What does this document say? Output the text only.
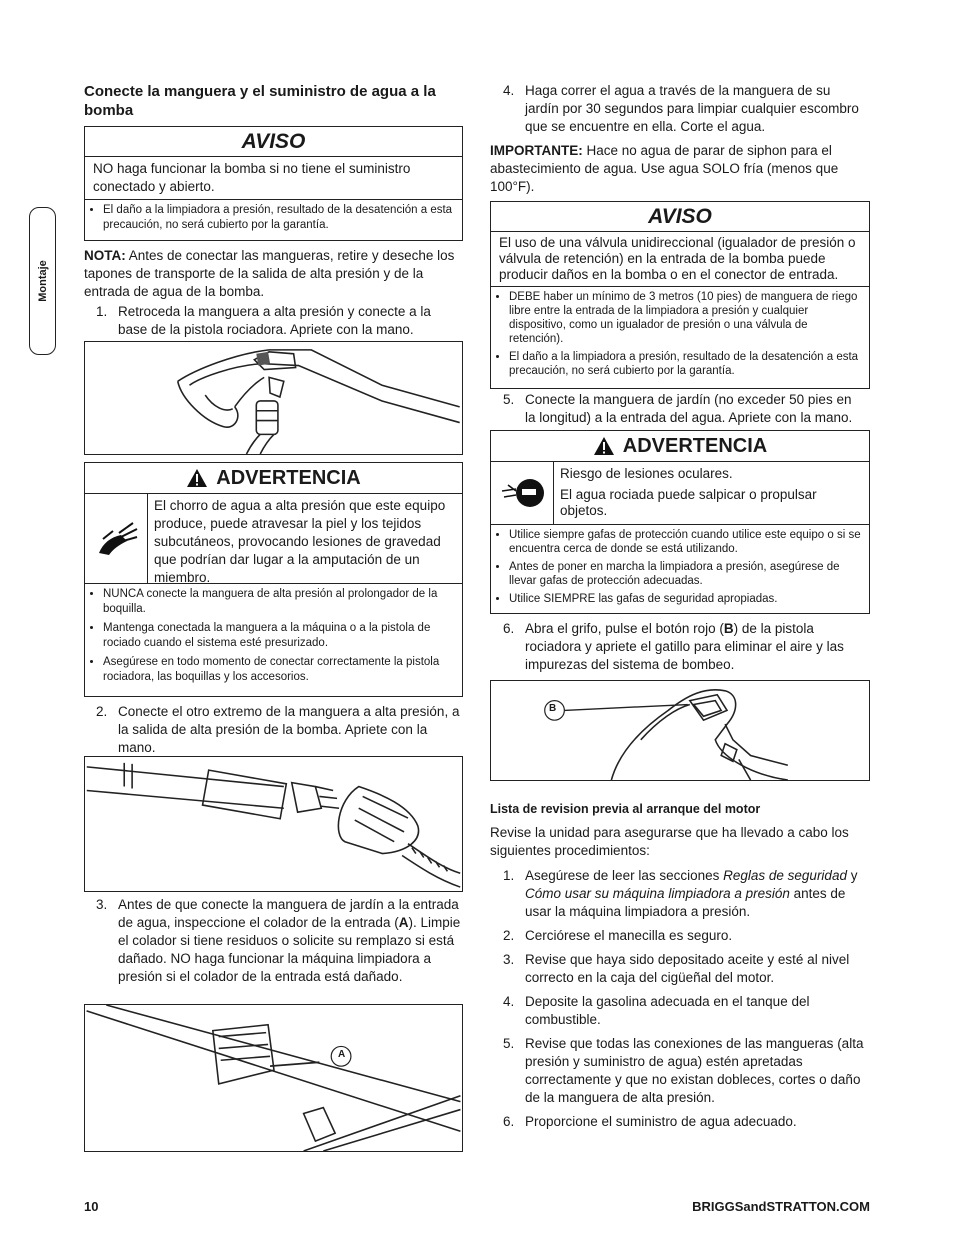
Montaje
Conecte la manguera y el suministro de agua a la bomba
AVISO
NO haga funcionar la bomba si no tiene el suministro conectado y abierto.
• El daño a la limpiadora a presión, resultado de la desatención a esta precaución, no será cubierto por la garantía.

NOTA: Antes de conectar las mangueras, retire y deseche los tapones de transporte de la salida de alta presión y de la entrada de agua de la bomba.

1. Retroceda la manguera a alta presión y conecte a la base de la pistola rociadora. Apriete con la mano.
ADVERTENCIA
El chorro de agua a alta presión que este equipo produce, puede atravesar la piel y los tejidos subcutáneos, provocando lesiones de gravedad que podrían dar lugar a la amputación de un miembro.
• NUNCA conecte la manguera de alta presión al prolongador de la boquilla.
• Mantenga conectada la manguera a la máquina o a la pistola de rociado cuando el sistema esté presurizado.
• Asegúrese en todo momento de conectar correctamente la pistola rociadora, las boquillas y los accesorios.
2. Conecte el otro extremo de la manguera a alta presión, a la salida de alta presión de la bomba. Apriete con la mano.
3. Antes de que conecte la manguera de jardín a la entrada de agua, inspeccione el colador de la entrada (A). Limpie el colador si tiene residuos o solicite su remplazo si está dañado. NO haga funcionar la máquina limpiadora a presión si el colador de la entrada está dañado.
A
4. Haga correr el agua a través de la manguera de su jardín por 30 segundos para limpiar cualquier escombro que se encuentre en ella. Corte el agua.

IMPORTANTE: Hace no agua de parar de siphon para el abastecimiento de agua. Use agua SOLO fría (menos que 100°F).

AVISO
El uso de una válvula unidireccional (igualador de presión o válvula de retención) en la entrada de la bomba puede producir daños en la bomba o en el conector de entrada.
• DEBE haber un mínimo de 3 metros (10 pies) de manguera de riego libre entre la entrada de la limpiadora a presión y cualquier dispositivo, como un igualador de presión o una válvula de retención).
• El daño a la limpiadora a presión, resultado de la desatención a esta precaución, no será cubierto por la garantía.
5. Conecte la manguera de jardín (no exceder 50 pies en la longitud) a la entrada del agua. Apriete con la mano.
ADVERTENCIA
Riesgo de lesiones oculares.
El agua rociada puede salpicar o propulsar objetos.
• Utilice siempre gafas de protección cuando utilice este equipo o si se encuentra cerca de donde se está utilizando.
• Antes de poner en marcha la limpiadora a presión, asegúrese de llevar gafas de protección adecuadas.
• Utilice SIEMPRE las gafas de seguridad apropiadas.
6. Abra el grifo, pulse el botón rojo (B) de la pistola rociadora y apriete el gatillo para eliminar el aire y las impurezas del sistema de bombeo.
B
Lista de revision previa al arranque del motor

Revise la unidad para asegurarse que ha llevado a cabo los siguientes procedimientos:

1. Asegúrese de leer las secciones Reglas de seguridad y Cómo usar su máquina limpiadora a presión antes de usar la máquina limpiadora a presión.
2. Cerciórese el manecilla es seguro.
3. Revise que haya sido depositado aceite y esté al nivel correcto en la caja del cigüeñal del motor.
4. Deposite la gasolina adecuada en el tanque del combustible.
5. Revise que todas las conexiones de las mangueras (alta presión y suministro de agua) estén apretadas correctamente y que no existan dobleces, cortes o daño de la manguera de alta presión.
6. Proporcione el suministro de agua adecuado.
10	BRIGGSandSTRATTON.COM
